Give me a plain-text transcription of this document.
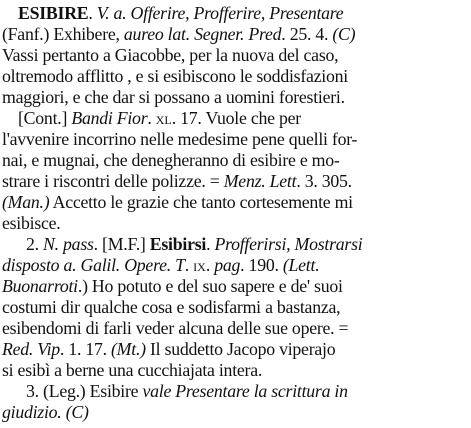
ESIBIRE. V. a. Offerire, Profferire, Presentare
(Fanf.) Exhibere, aureo lat. Segner. Pred. 25. 4. (C)
Vassi pertanto a Giacobbe, per la nuova del caso,
oltremodo afflitto , e si esibiscono le soddisfazioni
maggiori, e che dar si possano a uomini forestieri.
[Cont.] Bandi Fior. xl. 17. Vuole che per
l'avvenire incorrino nelle medesime pene quelli for-
nai, e mugnai, che denegheranno di esibire e mo-
strare i riscontri delle polizze. = Menz. Lett. 3. 305.
(Man.) Accetto le grazie che tanto cortesemente mi
esibisce.
2. N. pass. [M.F.] Esibirsi. Profferirsi, Mostrarsi
disposto a. Galil. Opere. T. ix. pag. 190. (Lett.
Buonarroti.) Ho potuto e del suo sapere e de' suoi
costumi dir qualche cosa e sodisfarmi a bastanza,
esibendomi di farli veder alcuna delle sue opere. =
Red. Vip. 1. 17. (Mt.) Il suddetto Jacopo viperajo
si esibì a berne una cucchiajata intera.
3. (Leg.) Esibire vale Presentare la scrittura in
giudizio. (C)
